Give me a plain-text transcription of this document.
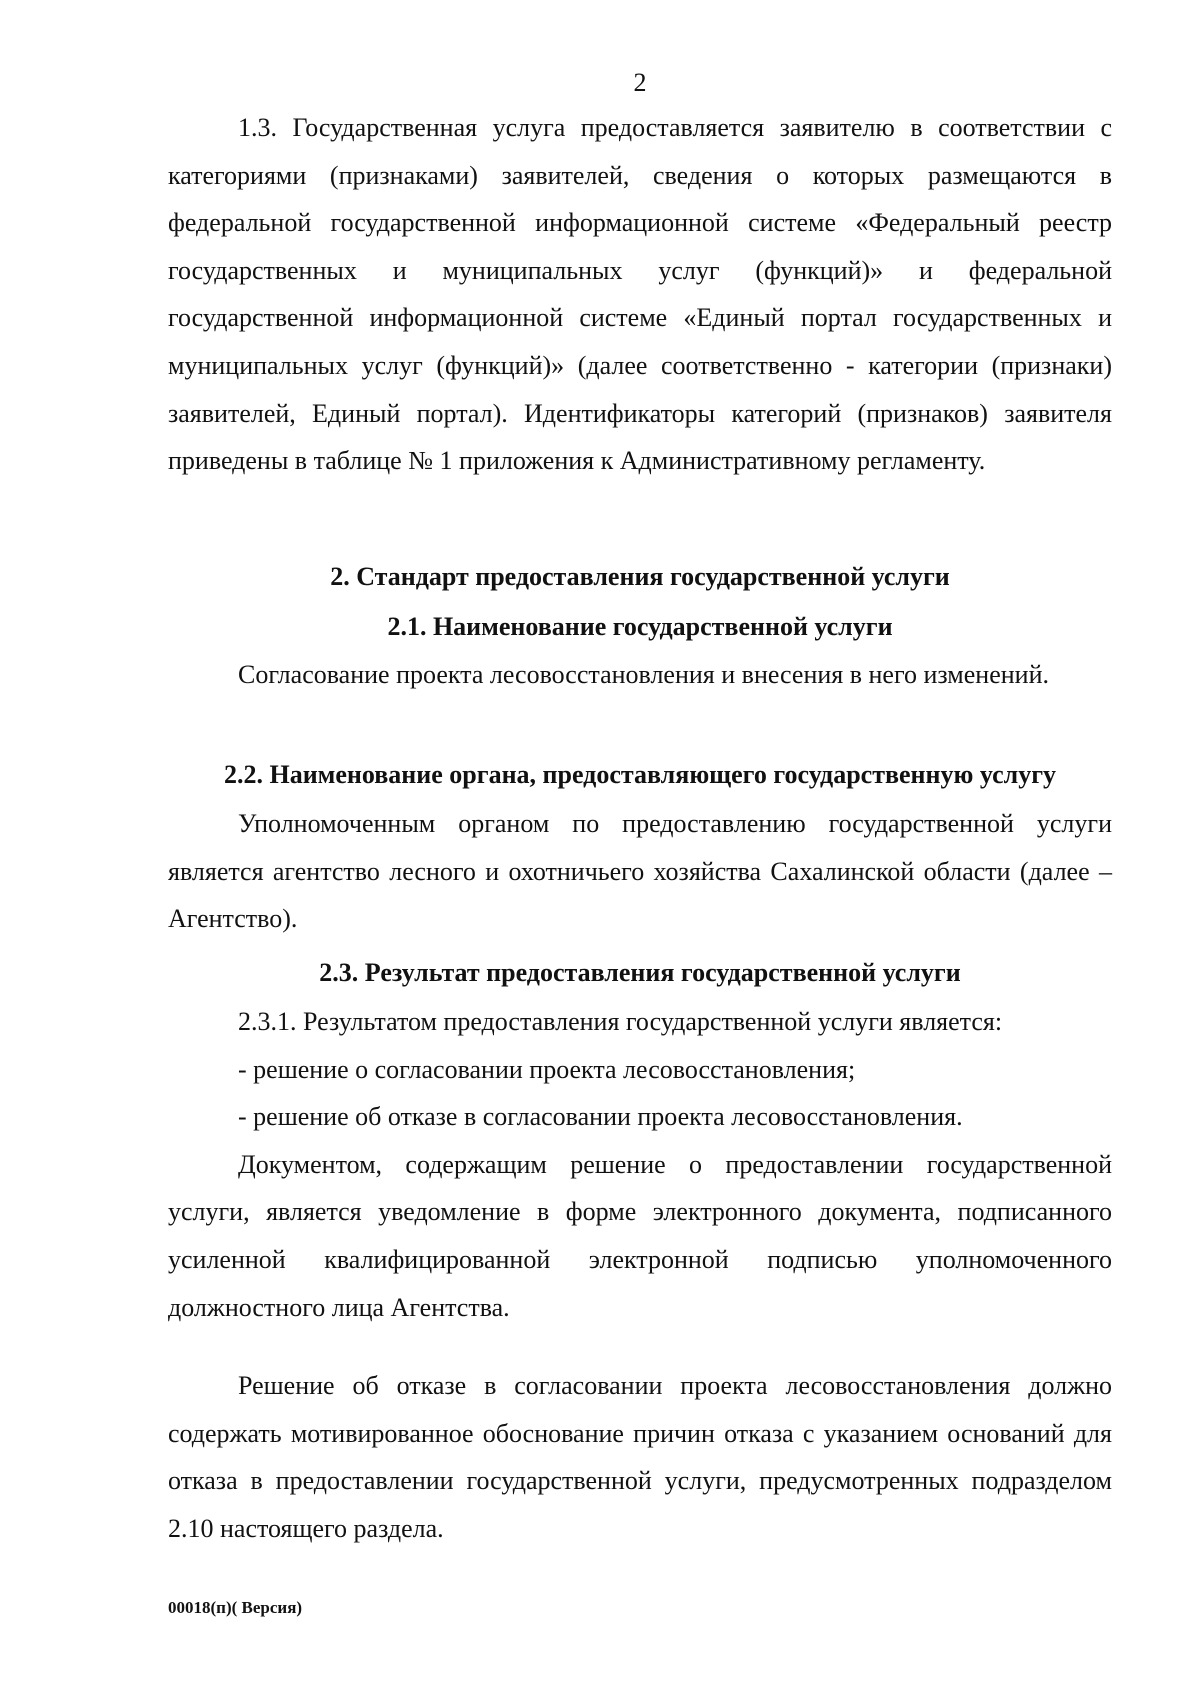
2

1.3. Государственная услуга предоставляется заявителю в соответствии с категориями (признаками) заявителей, сведения о которых размещаются в федеральной государственной информационной системе «Федеральный реестр государственных и муниципальных услуг (функций)» и федеральной государственной информационной системе «Единый портал государственных и муниципальных услуг (функций)» (далее соответственно - категории (признаки) заявителей, Единый портал). Идентификаторы категорий (признаков) заявителя приведены в таблице № 1 приложения к Административному регламенту.

2. Стандарт предоставления государственной услуги

2.1. Наименование государственной услуги

Согласование проекта лесовосстановления и внесения в него изменений.

2.2. Наименование органа, предоставляющего государственную услугу

Уполномоченным органом по предоставлению государственной услуги является агентство лесного и охотничьего хозяйства Сахалинской области (далее – Агентство).

2.3. Результат предоставления государственной услуги

2.3.1. Результатом предоставления государственной услуги является:

- решение о согласовании проекта лесовосстановления;

- решение об отказе в согласовании проекта лесовосстановления.

Документом, содержащим решение о предоставлении государственной услуги, является уведомление в форме электронного документа, подписанного усиленной квалифицированной электронной подписью уполномоченного должностного лица Агентства.

Решение об отказе в согласовании проекта лесовосстановления должно содержать мотивированное обоснование причин отказа с указанием оснований для отказа в предоставлении государственной услуги, предусмотренных подразделом 2.10 настоящего раздела.

00018(п)( Версия)
